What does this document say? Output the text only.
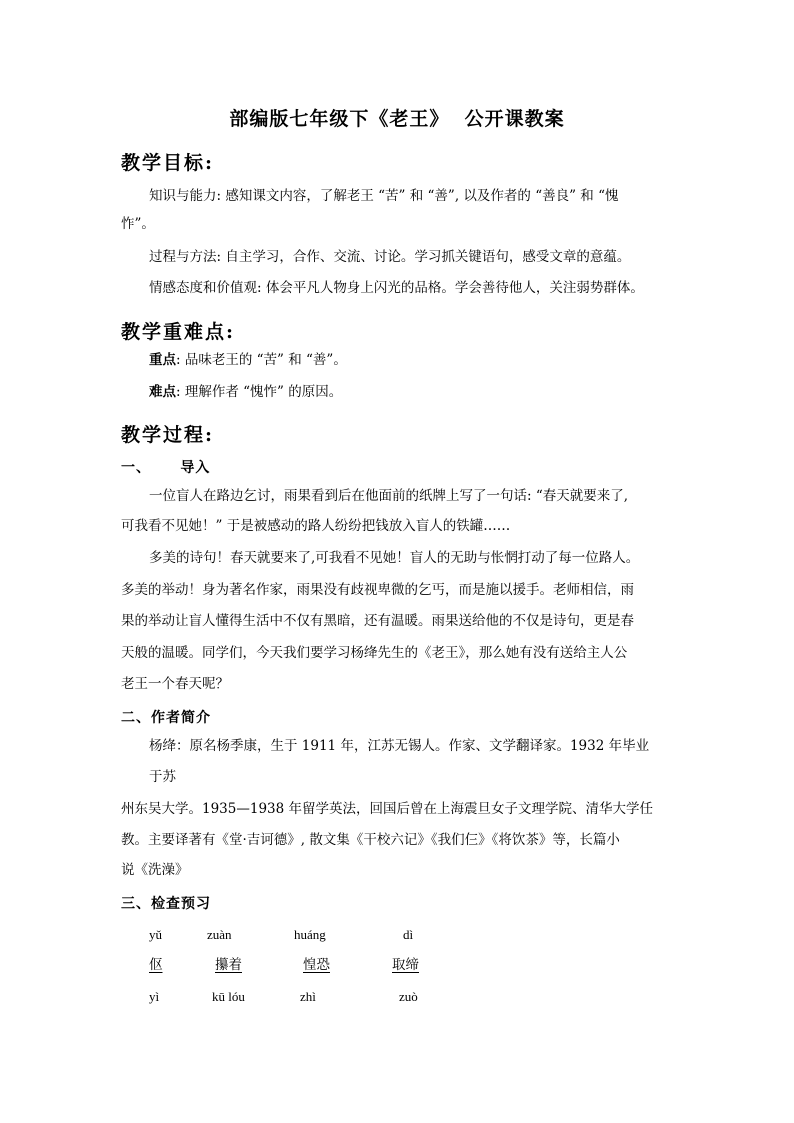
部编版七年级下《老王》  公开课教案
教学目标:
知识与能力: 感知课文内容，了解老王 “苦” 和 “善”, 以及作者的 “善良” 和 “愧
怍”。
过程与方法: 自主学习，合作、交流、讨论。学习抓关键语句，感受文章的意蕴。
情感态度和价值观: 体会平凡人物身上闪光的品格。学会善待他人，关注弱势群体。
教学重难点:
重点: 品味老王的 “苦” 和 “善”。
难点: 理解作者 “愧怍” 的原因。
教学过程:
一、     导入
一位盲人在路边乞讨，雨果看到后在他面前的纸牌上写了一句话: “春天就要来了,
可我看不见她！” 于是被感动的路人纷纷把钱放入盲人的铁罐……
多美的诗句！春天就要来了,可我看不见她！盲人的无助与怅惘打动了每一位路人。
多美的举动！身为著名作家，雨果没有歧视卑微的乞丐，而是施以援手。老师相信，雨
果的举动让盲人懂得生活中不仅有黑暗，还有温暖。雨果送给他的不仅是诗句，更是春
天般的温暖。同学们，今天我们要学习杨绛先生的《老王》，那么她有没有送给主人公
老王一个春天呢？
二、作者简介
杨绛：原名杨季康，生于 1911 年，江苏无锡人。作家、文学翻译家。1932 年毕业
于苏
州东吴大学。1935—1938 年留学英法，回国后曾在上海震旦女子文理学院、清华大学任
教。主要译著有《堂·吉诃德》, 散文集《干校六记》《我们仨》《将饮茶》等，长篇小
说《洗澡》
三、检查预习
yǔ	zuàn	huáng	dì
伛	攥着	惶恐	取缔
yì	kū lóu	zhì	zuò
